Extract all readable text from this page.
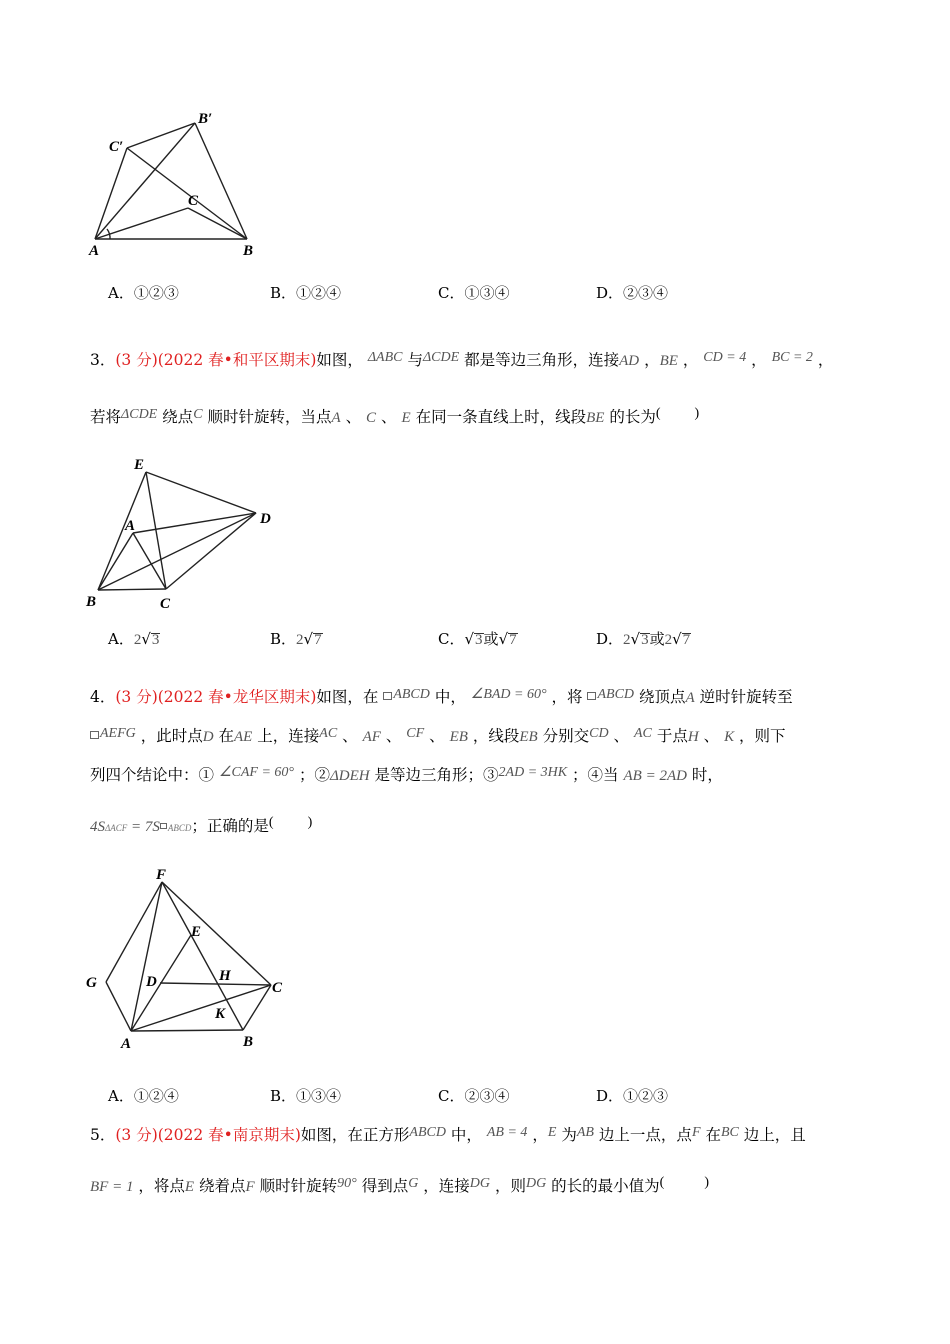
A	B
C
C′
B′
A．①②③	B．①②④	C．①③④	D．②③④
3．(3 分)(2022 春•和平区期末)如图， ΔABC 与ΔCDE 都是等边三角形，连接AD ，BE ， CD = 4 ， BC = 2 ，
若将ΔCDE 绕点C 顺时针旋转，当点A 、 C 、 E 在同一条直线上时，线段BE 的长为( )
E
A	D
B	C
A．2√3	B．2√7	C．√3或√7	D．2√3或2√7
4．(3 分)(2022 春•龙华区期末)如图，在 ABCD 中， ∠BAD = 60° ，将 ABCD 绕顶点A 逆时针旋转至
AEFG ，此时点D 在AE 上，连接AC 、 AF 、 CF 、 EB ，线段EB 分别交CD 、 AC 于点H 、 K ，则下
列四个结论中：① ∠CAF = 60° ；②ΔDEH 是等边三角形；③2AD = 3HK ；④当 AB = 2AD 时，
4SΔACF = 7S ABCD；正确的是( )
F
E
G	D	H
C
K
A	B
A．①②④	B．①③④	C．②③④	D．①②③
5．(3 分)(2022 春•南京期末)如图，在正方形ABCD 中， AB = 4 ，E 为AB 边上一点，点F 在BC 边上，且
BF = 1 ，将点E 绕着点F 顺时针旋转90° 得到点G ，连接DG ，则DG 的长的最小值为(	)
